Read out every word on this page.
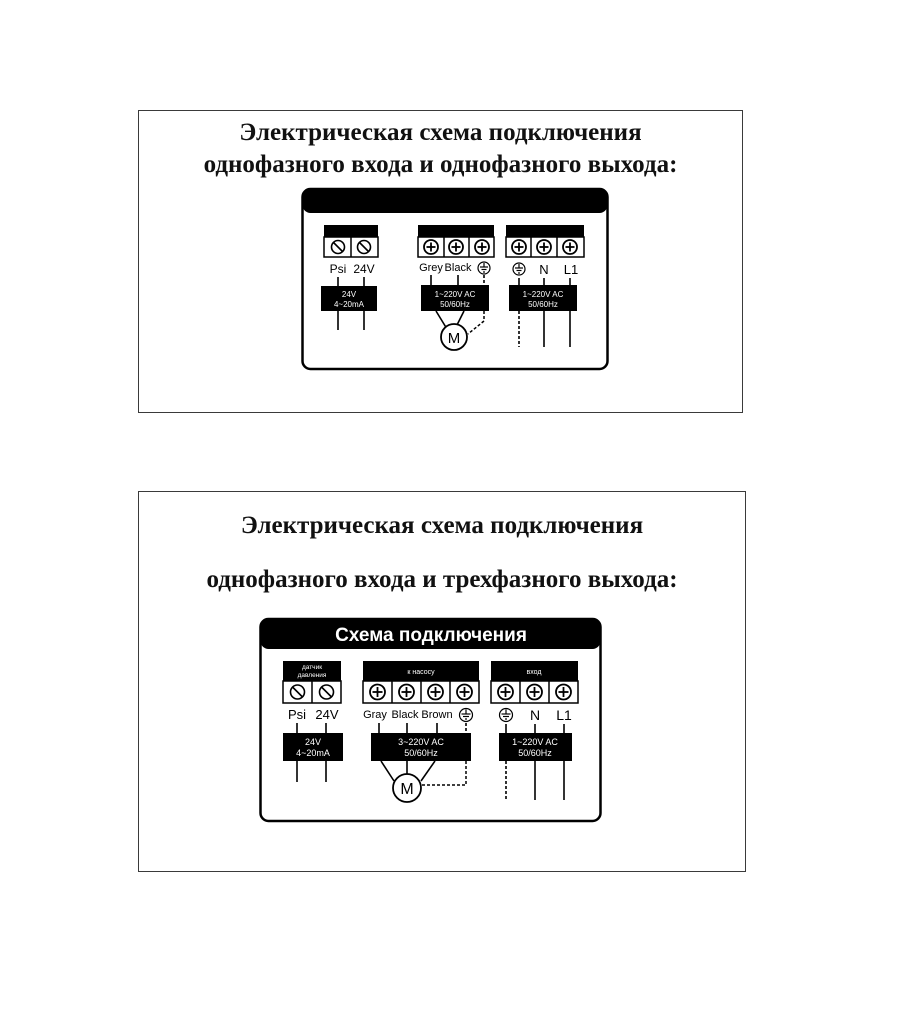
Электрическая схема подключения
однофазного входа и однофазного выхода:
Psi 24V
24V
4~20mA
Grey Black
1~220V AC
50/60Hz
M
N L1
1~220V AC
50/60Hz
Электрическая схема подключения
однофазного входа и трехфазного выхода:
Схема подключения
датчик
давления
Psi 24V
24V
4~20mA
к насосу
Gray Black Brown
3~220V AC
50/60Hz
M
вход
N L1
1~220V AC
50/60Hz
